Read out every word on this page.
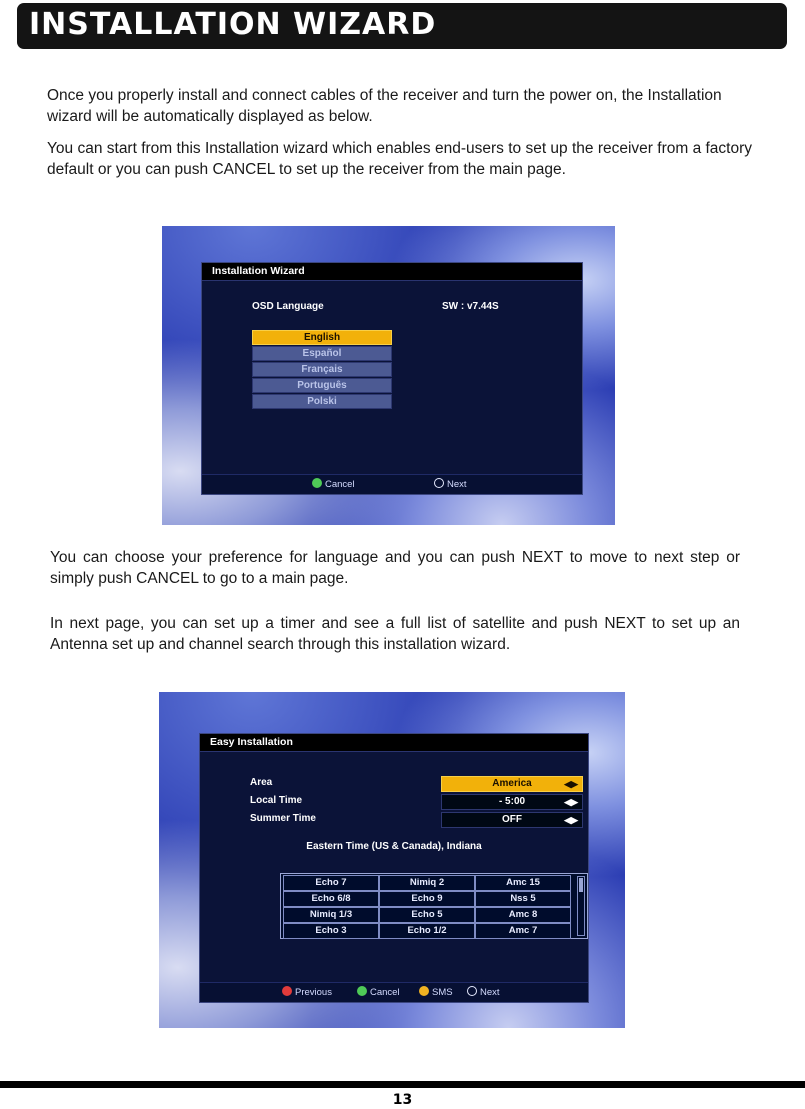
INSTALLATION WIZARD

Once you properly install and connect cables of the receiver and turn the power on, the Installation wizard will be automatically displayed as below.

You can start from this Installation wizard which enables end-users to set up the receiver from a factory default or you can push CANCEL to set up the receiver from the main page.

Installation Wizard
OSD Language	SW : v7.44S
English
Español
Français
Português
Polski
Cancel	Next

You can choose your preference for language and you can push NEXT to move to next step or simply push CANCEL to go to a main page.

In next page, you can set up a timer and see a full list of satellite and push NEXT to set up an Antenna set up and channel search through this installation wizard.

Easy Installation
Area	America	◀▶
Local Time	- 5:00	◀▶
Summer Time	OFF	◀▶
Eastern Time (US & Canada), Indiana
Echo 7	Nimiq 2	Amc 15
Echo 6/8	Echo 9	Nss 5
Nimiq 1/3	Echo 5	Amc 8
Echo 3	Echo 1/2	Amc 7
Previous	Cancel	SMS	Next
13
